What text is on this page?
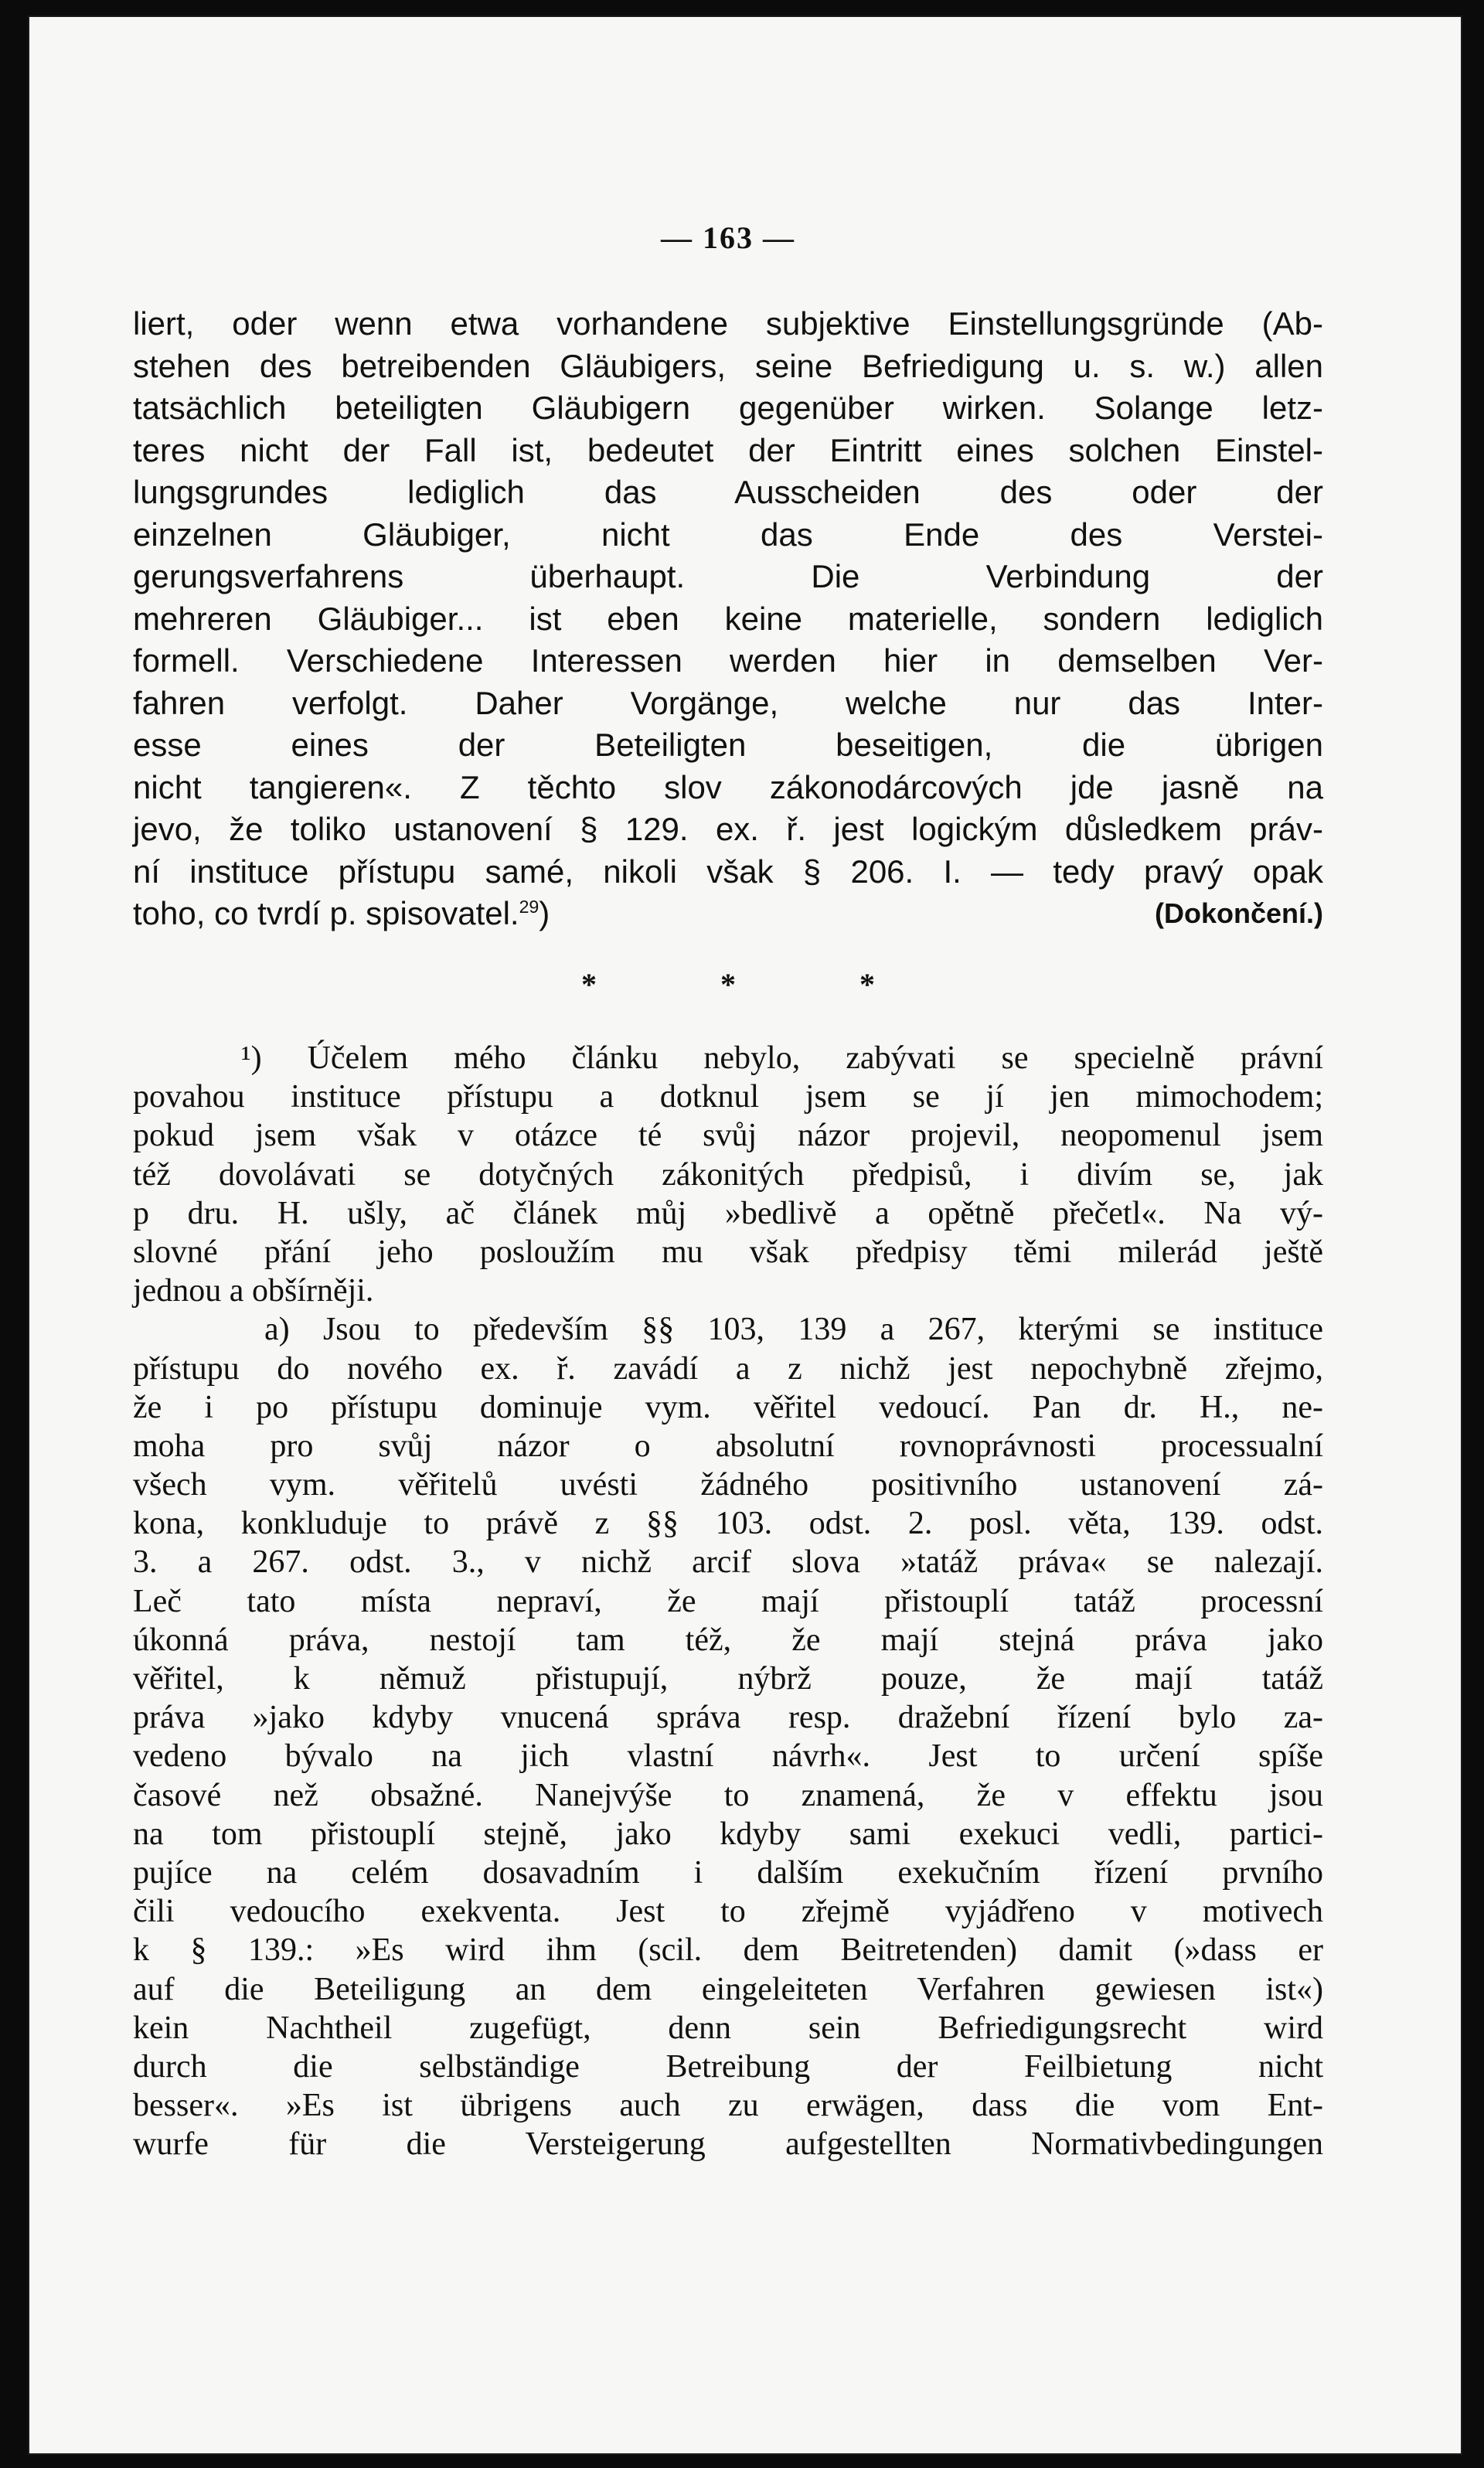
— 163 —
liert, oder wenn etwa vorhandene subjektive Einstellungsgründe (Ab-
stehen des betreibenden Gläubigers, seine Befriedigung u. s. w.) allen
tatsächlich beteiligten Gläubigern gegenüber wirken. Solange letz-
teres nicht der Fall ist, bedeutet der Eintritt eines solchen Einstel-
lungsgrundes lediglich das Ausscheiden des oder der
einzelnen Gläubiger, nicht das Ende des Verstei-
gerungsverfahrens überhaupt. Die Verbindung der
mehreren Gläubiger... ist eben keine materielle, sondern lediglich
formell. Verschiedene Interessen werden hier in demselben Ver-
fahren verfolgt. Daher Vorgänge, welche nur das Inter-
esse eines der Beteiligten beseitigen, die übrigen
nicht tangieren«. Z těchto slov zákonodárcových jde jasně na
jevo, že toliko ustanovení § 129. ex. ř. jest logickým důsledkem práv-
ní instituce přístupu samé, nikoli však § 206. I. — tedy pravý opak
toho, co tvrdí p. spisovatel.$^{29}$)	(Dokončení.)
*	*	*
¹) Účelem mého článku nebylo, zabývati se specielně právní
povahou instituce přístupu a dotknul jsem se jí jen mimochodem;
pokud jsem však v otázce té svůj názor projevil, neopomenul jsem
též dovolávati se dotyčných zákonitých předpisů, i divím se, jak
p dru. H. ušly, ač článek můj »bedlivě a opětně přečetl«. Na vý-
slovné přání jeho posloužím mu však předpisy těmi milerád ještě
jednou a obšírněji.
a) Jsou to především §§ 103, 139 a 267, kterými se instituce
přístupu do nového ex. ř. zavádí a z nichž jest nepochybně zřejmo,
že i po přístupu dominuje vym. věřitel vedoucí. Pan dr. H., ne-
moha pro svůj názor o absolutní rovnoprávnosti processualní
všech vym. věřitelů uvésti žádného positivního ustanovení zá-
kona, konkluduje to právě z §§ 103. odst. 2. posl. věta, 139. odst.
3. a 267. odst. 3., v nichž arcif slova »tatáž práva« se nalezají.
Leč tato místa nepraví, že mají přistouplí tatáž processní
úkonná práva, nestojí tam též, že mají stejná práva jako
věřitel, k němuž přistupují, nýbrž pouze, že mají tatáž
práva »jako kdyby vnucená správa resp. dražební řízení bylo za-
vedeno bývalo na jich vlastní návrh«. Jest to určení spíše
časové než obsažné. Nanejvýše to znamená, že v effektu jsou
na tom přistouplí stejně, jako kdyby sami exekuci vedli, partici-
pujíce na celém dosavadním i dalším exekučním řízení prvního
čili vedoucího exekventa. Jest to zřejmě vyjádřeno v motivech
k § 139.: »Es wird ihm (scil. dem Beitretenden) damit (»dass er
auf die Beteiligung an dem eingeleiteten Verfahren gewiesen ist«)
kein Nachtheil zugefügt, denn sein Befriedigungsrecht wird
durch die selbständige Betreibung der Feilbietung nicht
besser«. »Es ist übrigens auch zu erwägen, dass die vom Ent-
wurfe für die Versteigerung aufgestellten Normativbedingungen
